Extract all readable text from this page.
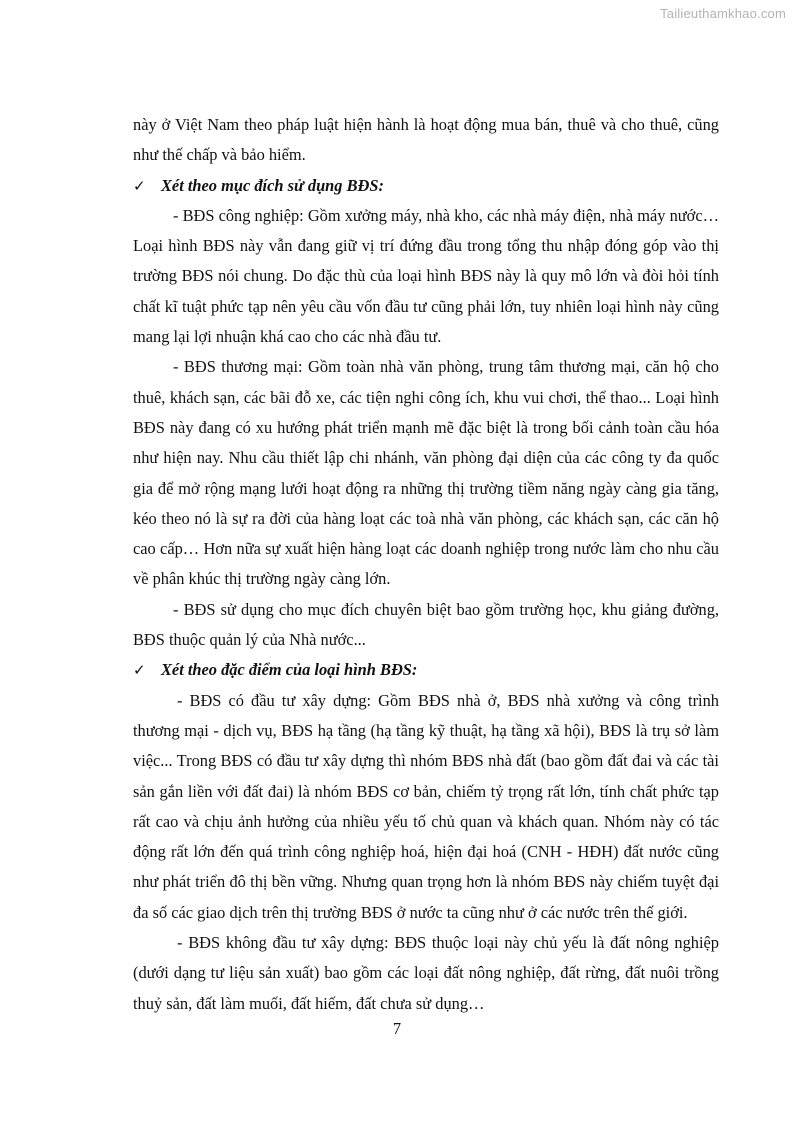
Tailieuthamkhao.com

này ở Việt Nam theo pháp luật hiện hành là hoạt động mua bán, thuê và cho thuê, cũng như thế chấp và bảo hiểm.

✓ Xét theo mục đích sử dụng BĐS:

- BĐS công nghiệp: Gồm xưởng máy, nhà kho, các nhà máy điện, nhà máy nước… Loại hình BĐS này vẫn đang giữ vị trí đứng đầu trong tổng thu nhập đóng góp vào thị trường BĐS nói chung. Do đặc thù của loại hình BĐS này là quy mô lớn và đòi hỏi tính chất kĩ tuật phức tạp nên yêu cầu vốn đầu tư cũng phải lớn, tuy nhiên loại hình này cũng mang lại lợi nhuận khá cao cho các nhà đầu tư.

- BĐS thương mại: Gồm toàn nhà văn phòng, trung tâm thương mại, căn hộ cho thuê, khách sạn, các bãi đỗ xe, các tiện nghi công ích, khu vui chơi, thể thao... Loại hình BĐS này đang có xu hướng phát triển mạnh mẽ đặc biệt là trong bối cảnh toàn cầu hóa như hiện nay. Nhu cầu thiết lập chi nhánh, văn phòng đại diện của các công ty đa quốc gia để mở rộng mạng lưới hoạt động ra những thị trường tiềm năng ngày càng gia tăng, kéo theo nó là sự ra đời của hàng loạt các toà nhà văn phòng, các khách sạn, các căn hộ cao cấp… Hơn nữa sự xuất hiện hàng loạt các doanh nghiệp trong nước làm cho nhu cầu về phân khúc thị trường ngày càng lớn.

- BĐS sử dụng cho mục đích chuyên biệt bao gồm trường học, khu giảng đường, BĐS thuộc quản lý của Nhà nước...

✓ Xét theo đặc điểm của loại hình BĐS:

- BĐS có đầu tư xây dựng: Gồm BĐS nhà ở, BĐS nhà xưởng và công trình thương mại - dịch vụ, BĐS hạ tầng (hạ tầng kỹ thuật, hạ tầng xã hội), BĐS là trụ sở làm việc... Trong BĐS có đầu tư xây dựng thì nhóm BĐS nhà đất (bao gồm đất đai và các tài sản gắn liền với đất đai) là nhóm BĐS cơ bản, chiếm tỷ trọng rất lớn, tính chất phức tạp rất cao và chịu ảnh hưởng của nhiều yếu tố chủ quan và khách quan. Nhóm này có tác động rất lớn đến quá trình công nghiệp hoá, hiện đại hoá (CNH - HĐH) đất nước cũng như phát triển đô thị bền vững. Nhưng quan trọng hơn là nhóm BĐS này chiếm tuyệt đại đa số các giao dịch trên thị trường BĐS ở nước ta cũng như ở các nước trên thế giới.

- BĐS không đầu tư xây dựng: BĐS thuộc loại này chủ yếu là đất nông nghiệp (dưới dạng tư liệu sản xuất) bao gồm các loại đất nông nghiệp, đất rừng, đất nuôi trồng thuỷ sản, đất làm muối, đất hiếm, đất chưa sử dụng…

7
